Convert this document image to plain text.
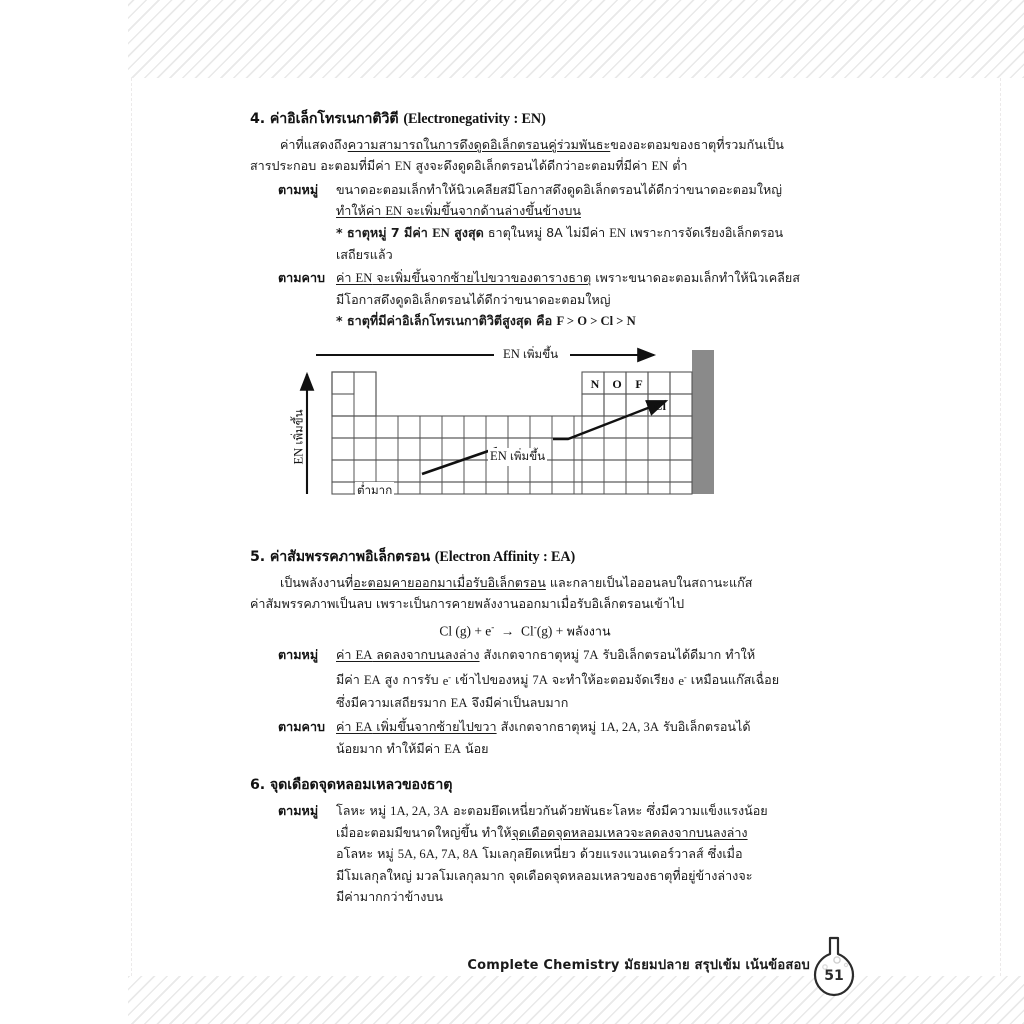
4. ค่าอิเล็กโทรเนกาติวิตี (Electronegativity : EN)

ค่าที่แสดงถึงความสามารถในการดึงดูดอิเล็กตรอนคู่ร่วมพันธะของอะตอมของธาตุที่รวมกันเป็นสารประกอบ อะตอมที่มีค่า EN สูงจะดึงดูดอิเล็กตรอนได้ดีกว่าอะตอมที่มีค่า EN ต่ำ

ตามหมู่	ขนาดอะตอมเล็กทำให้นิวเคลียสมีโอกาสดึงดูดอิเล็กตรอนได้ดีกว่าขนาดอะตอมใหญ่
ทำให้ค่า EN จะเพิ่มขึ้นจากด้านล่างขึ้นข้างบน
* ธาตุหมู่ 7 มีค่า EN สูงสุด ธาตุในหมู่ 8A ไม่มีค่า EN เพราะการจัดเรียงอิเล็กตรอน
เสถียรแล้ว
ตามคาบ ค่า EN จะเพิ่มขึ้นจากซ้ายไปขวาของตารางธาตุ เพราะขนาดอะตอมเล็กทำให้นิวเคลียส
มีโอกาสดึงดูดอิเล็กตรอนได้ดีกว่าขนาดอะตอมใหญ่
* ธาตุที่มีค่าอิเล็กโทรเนกาติวิตีสูงสุด คือ F > O > Cl > N
EN เพิ่มขึ้น
EN เพิ่มขึ้น
ต่ำมาก
EN เพิ่มขึ้น
N	O	F
Cl
5. ค่าสัมพรรคภาพอิเล็กตรอน (Electron Affinity : EA)

เป็นพลังงานที่อะตอมคายออกมาเมื่อรับอิเล็กตรอน และกลายเป็นไอออนลบในสถานะแก๊ส

ค่าสัมพรรคภาพเป็นลบ เพราะเป็นการคายพลังงานออกมาเมื่อรับอิเล็กตรอนเข้าไป

Cl (g) + e-  →  Cl-(g) + พลังงาน
ตามหมู่	ค่า EA ลดลงจากบนลงล่าง สังเกตจากธาตุหมู่ 7A รับอิเล็กตรอนได้ดีมาก ทำให้
มีค่า EA สูง การรับ e- เข้าไปของหมู่ 7A จะทำให้อะตอมจัดเรียง e- เหมือนแก๊สเฉื่อย
ซึ่งมีความเสถียรมาก EA จึงมีค่าเป็นลบมาก
ตามคาบ ค่า EA เพิ่มขึ้นจากซ้ายไปขวา สังเกตจากธาตุหมู่ 1A, 2A, 3A รับอิเล็กตรอนได้
น้อยมาก ทำให้มีค่า EA น้อย
6. จุดเดือดจุดหลอมเหลวของธาตุ
ตามหมู่	โลหะ หมู่ 1A, 2A, 3A อะตอมยึดเหนี่ยวกันด้วยพันธะโลหะ ซึ่งมีความแข็งแรงน้อย
เมื่ออะตอมมีขนาดใหญ่ขึ้น ทำให้จุดเดือดจุดหลอมเหลวจะลดลงจากบนลงล่าง
อโลหะ หมู่ 5A, 6A, 7A, 8A โมเลกุลยึดเหนี่ยว ด้วยแรงแวนเดอร์วาลส์ ซึ่งเมื่อ
มีโมเลกุลใหญ่ มวลโมเลกุลมาก จุดเดือดจุดหลอมเหลวของธาตุที่อยู่ข้างล่างจะ
มีค่ามากกว่าข้างบน
Complete Chemistry มัธยมปลาย สรุปเข้ม เน้นข้อสอบ
51
